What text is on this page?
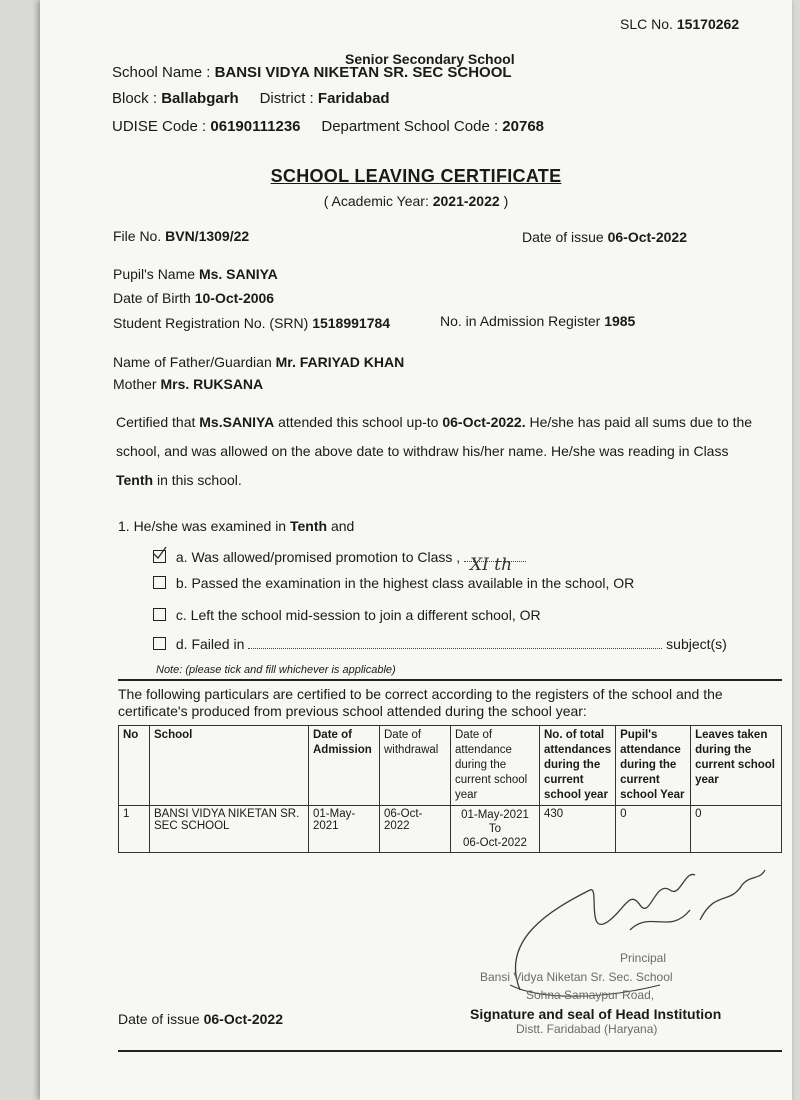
SLC No. 15170262
Senior Secondary School
School Name : BANSI VIDYA NIKETAN SR. SEC SCHOOL
Block : Ballabgarh District : Faridabad
UDISE Code : 06190111236 Department School Code : 20768
SCHOOL LEAVING CERTIFICATE
( Academic Year: 2021-2022 )
File No. BVN/1309/22	Date of issue 06-Oct-2022
Pupil's Name Ms. SANIYA
Date of Birth 10-Oct-2006
Student Registration No. (SRN) 1518991784	No. in Admission Register 1985
Name of Father/Guardian Mr. FARIYAD KHAN
Mother Mrs. RUKSANA
Certified that Ms.SANIYA attended this school up-to 06-Oct-2022. He/she has paid all sums due to the school, and was allowed on the above date to withdraw his/her name. He/she was reading in Class Tenth in this school.
1. He/she was examined in Tenth and
a. Was allowed/promised promotion to Class , XI th
b. Passed the examination in the highest class available in the school, OR
c. Left the school mid-session to join a different school, OR
d. Failed in	subject(s)
Note: (please tick and fill whichever is applicable)
The following particulars are certified to be correct according to the registers of the school and the certificate's produced from previous school attended during the school year:
No	School	Date of Admission	Date of withdrawal	Date of attendance during the current school year	No. of total attendances during the current school year	Pupil's attendance during the current school Year	Leaves taken during the current school year
1	BANSI VIDYA NIKETAN SR. SEC SCHOOL	01-May-2021	06-Oct-2022	01-May-2021
To
06-Oct-2022	430	0	0
Principal
Bansi Vidya Niketan Sr. Sec. School
Sohna Samaypur Road,
Distt. Faridabad (Haryana)
Date of issue 06-Oct-2022	Signature and seal of Head Institution
